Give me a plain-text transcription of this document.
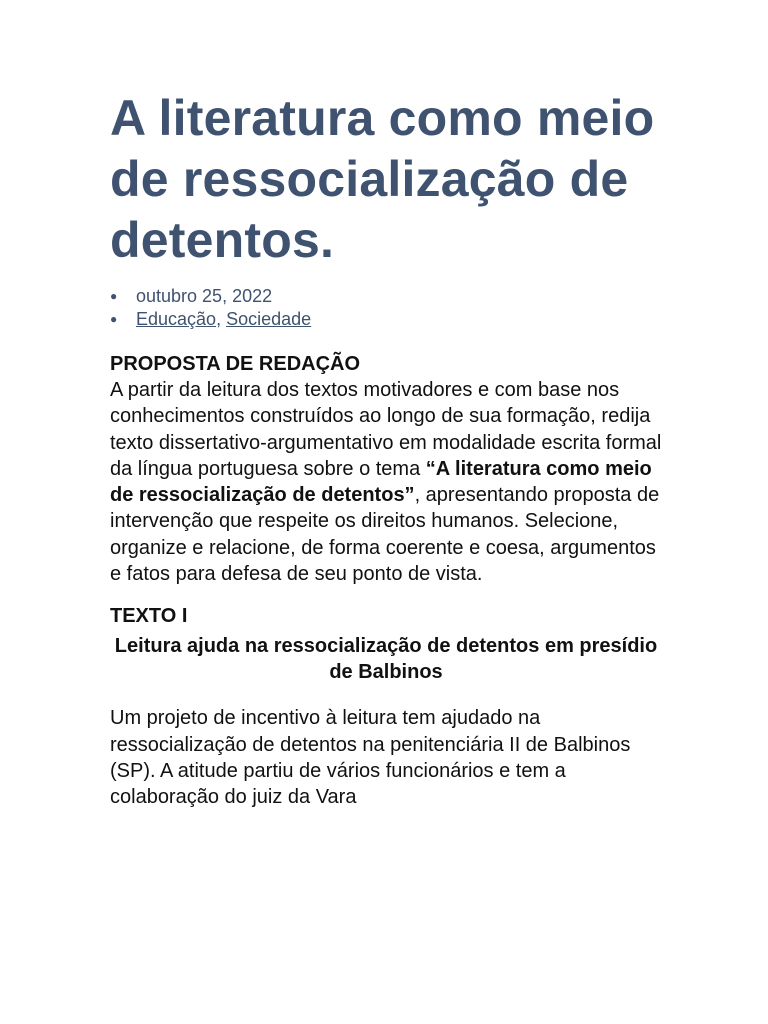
A literatura como meio de ressocialização de detentos.
● outubro 25, 2022
● Educação, Sociedade
PROPOSTA DE REDAÇÃO

A partir da leitura dos textos motivadores e com base nos conhecimentos construídos ao longo de sua formação, redija texto dissertativo-argumentativo em modalidade escrita formal da língua portuguesa sobre o tema “A literatura como meio de ressocialização de detentos”, apresentando proposta de intervenção que respeite os direitos humanos. Selecione, organize e relacione, de forma coerente e coesa, argumentos e fatos para defesa de seu ponto de vista.

TEXTO I
Leitura ajuda na ressocialização de detentos em presídio de Balbinos

Um projeto de incentivo à leitura tem ajudado na ressocialização de detentos na penitenciária II de Balbinos (SP). A atitude partiu de vários funcionários e tem a colaboração do juiz da Vara
